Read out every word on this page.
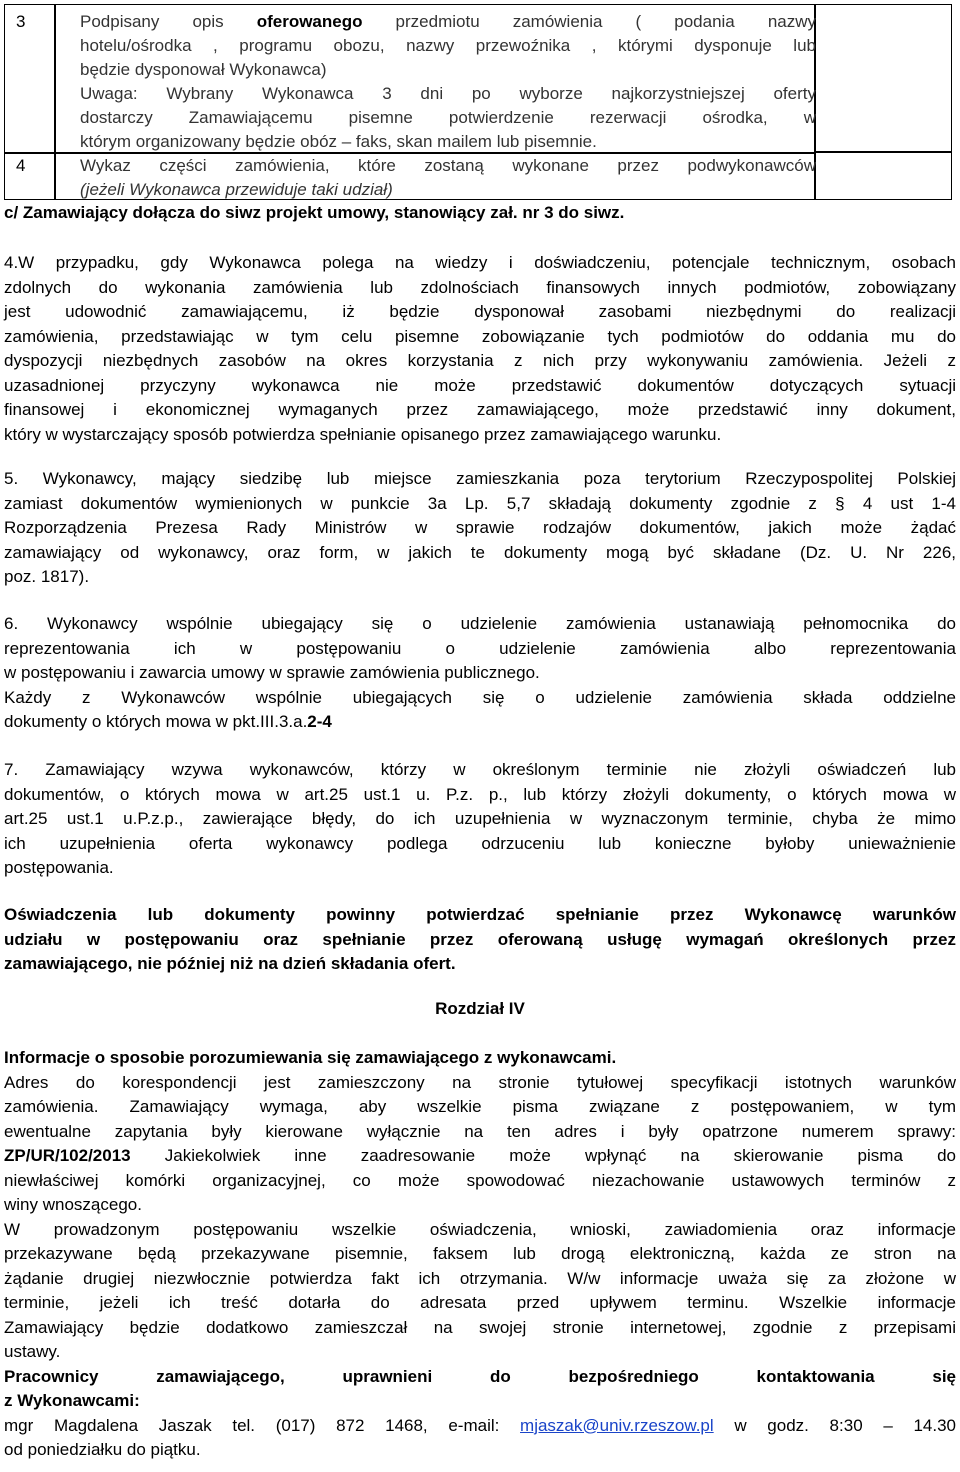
3	Podpisany opis oferowanego przedmiotu zamówienia ( podania nazwy
hotelu/ośrodka , programu obozu, nazwy przewoźnika , którymi dysponuje lub
będzie dysponował Wykonawca)
Uwaga: Wybrany Wykonawca 3 dni po wyborze najkorzystniejszej oferty
dostarczy Zamawiającemu pisemne potwierdzenie rezerwacji ośrodka, w
którym organizowany będzie obóz – faks, skan mailem lub pisemnie.
4	Wykaz części zamówienia, które zostaną wykonane przez podwykonawców
(jeżeli Wykonawca przewiduje taki udział)
c/ Zamawiający dołącza do siwz projekt umowy, stanowiący zał. nr 3 do siwz.
4.W przypadku, gdy Wykonawca polega na wiedzy i doświadczeniu, potencjale technicznym, osobach
zdolnych do wykonania zamówienia lub zdolnościach finansowych innych podmiotów, zobowiązany
jest udowodnić zamawiającemu, iż będzie dysponował zasobami niezbędnymi do realizacji
zamówienia, przedstawiając w tym celu pisemne zobowiązanie tych podmiotów do oddania mu do
dyspozycji niezbędnych zasobów na okres korzystania z nich przy wykonywaniu zamówienia. Jeżeli z
uzasadnionej przyczyny wykonawca nie może przedstawić dokumentów dotyczących sytuacji
finansowej i ekonomicznej wymaganych przez zamawiającego, może przedstawić inny dokument,
który w wystarczający sposób potwierdza spełnianie opisanego przez zamawiającego warunku.
5. Wykonawcy, mający siedzibę lub miejsce zamieszkania poza terytorium Rzeczypospolitej Polskiej
zamiast dokumentów wymienionych w punkcie 3a Lp. 5,7 składają dokumenty zgodnie z § 4 ust 1-4
Rozporządzenia Prezesa Rady Ministrów w sprawie rodzajów dokumentów, jakich może żądać
zamawiający od wykonawcy, oraz form, w jakich te dokumenty mogą być składane (Dz. U. Nr 226,
poz. 1817).
6. Wykonawcy wspólnie ubiegający się o udzielenie zamówienia ustanawiają pełnomocnika do
reprezentowania ich w postępowaniu o udzielenie zamówienia albo reprezentowania
w postępowaniu i zawarcia umowy w sprawie zamówienia publicznego.
Każdy z Wykonawców wspólnie ubiegających się o udzielenie zamówienia składa oddzielne
dokumenty o których mowa w pkt.III.3.a.2-4
7. Zamawiający wzywa wykonawców, którzy w określonym terminie nie złożyli oświadczeń lub
dokumentów, o których mowa w art.25 ust.1 u. P.z. p., lub którzy złożyli dokumenty, o których mowa w
art.25 ust.1 u.P.z.p., zawierające błędy, do ich uzupełnienia w wyznaczonym terminie, chyba że mimo
ich uzupełnienia oferta wykonawcy podlega odrzuceniu lub konieczne byłoby unieważnienie
postępowania.
Oświadczenia lub dokumenty powinny potwierdzać spełnianie przez Wykonawcę warunków
udziału w postępowaniu oraz spełnianie przez oferowaną usługę wymagań określonych przez
zamawiającego, nie później niż na dzień składania ofert.
Rozdział IV
Informacje o sposobie porozumiewania się zamawiającego z wykonawcami.
Adres do korespondencji jest zamieszczony na stronie tytułowej specyfikacji istotnych warunków
zamówienia. Zamawiający wymaga, aby wszelkie pisma związane z postępowaniem, w tym
ewentualne zapytania były kierowane wyłącznie na ten adres i były opatrzone numerem sprawy:
ZP/UR/102/2013 Jakiekolwiek inne zaadresowanie może wpłynąć na skierowanie pisma do
niewłaściwej komórki organizacyjnej, co może spowodować niezachowanie ustawowych terminów z
winy wnoszącego.
W prowadzonym postępowaniu wszelkie oświadczenia, wnioski, zawiadomienia oraz informacje
przekazywane będą przekazywane pisemnie, faksem lub drogą elektroniczną, każda ze stron na
żądanie drugiej niezwłocznie potwierdza fakt ich otrzymania. W/w informacje uważa się za złożone w
terminie, jeżeli ich treść dotarła do adresata przed upływem terminu. Wszelkie informacje
Zamawiający będzie dodatkowo zamieszczał na swojej stronie internetowej, zgodnie z przepisami
ustawy.
Pracownicy zamawiającego, uprawnieni do bezpośredniego kontaktowania się
z Wykonawcami:
mgr Magdalena Jaszak tel. (017) 872 1468, e-mail: mjaszak@univ.rzeszow.pl w godz. 8:30 – 14.30
od poniedziałku do piątku.
